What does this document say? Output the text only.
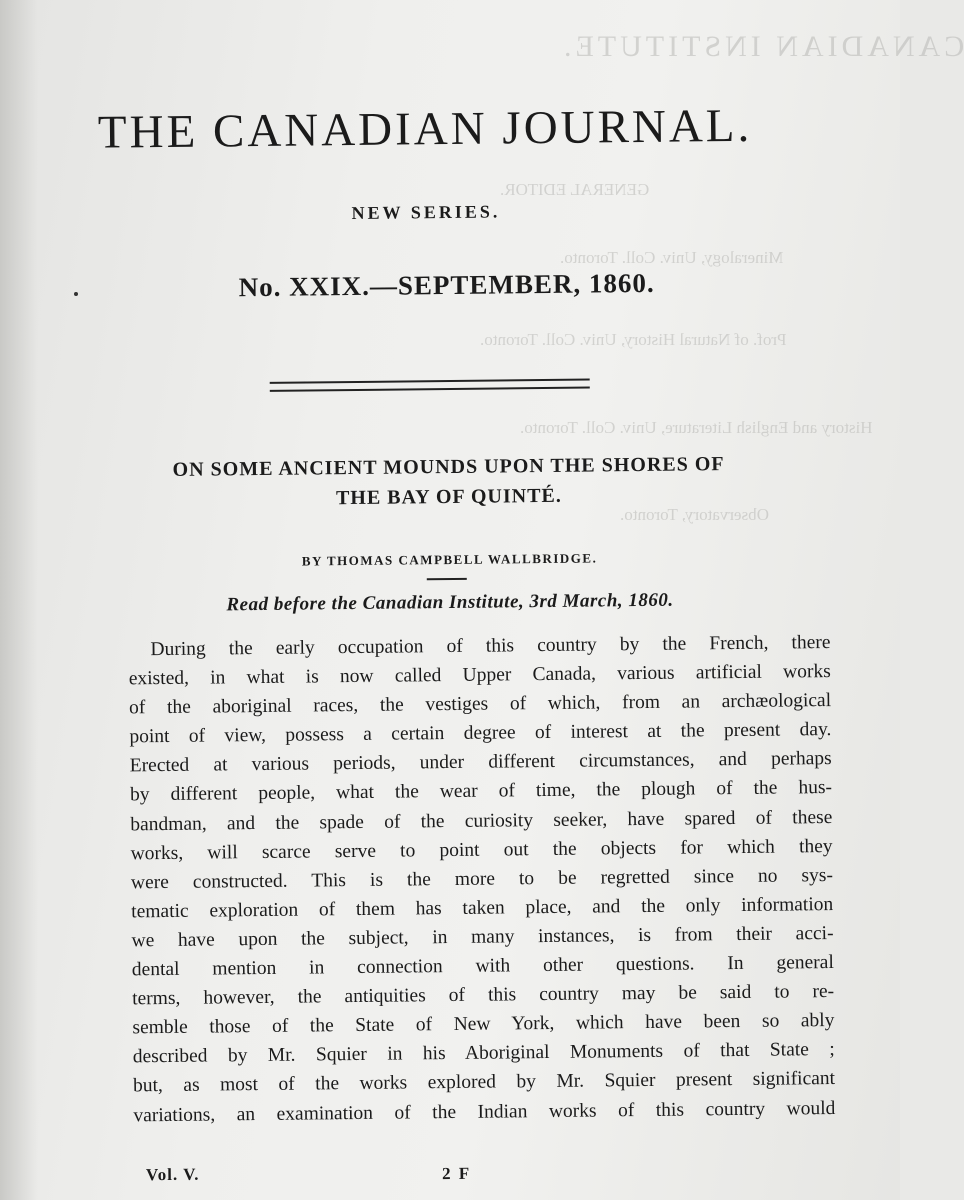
CANADIAN INSTITUTE.
GENERAL EDITOR.
Mineralogy, Univ. Coll. Toronto.
Prof. of Natural History, Univ. Coll. Toronto.
History and English Literature, Univ. Coll. Toronto.
Observatory, Toronto.
THE CANADIAN JOURNAL.
NEW SERIES.
No. XXIX.—SEPTEMBER, 1860.
ON SOME ANCIENT MOUNDS UPON THE SHORES OF
THE BAY OF QUINTÉ.
BY THOMAS CAMPBELL WALLBRIDGE.
Read before the Canadian Institute, 3rd March, 1860.
During the early occupation of this country by the French, there
existed, in what is now called Upper Canada, various artificial works
of the aboriginal races, the vestiges of which, from an archæological
point of view, possess a certain degree of interest at the present day.
Erected at various periods, under different circumstances, and perhaps
by different people, what the wear of time, the plough of the hus-
bandman, and the spade of the curiosity seeker, have spared of these
works, will scarce serve to point out the objects for which they
were constructed. This is the more to be regretted since no sys-
tematic exploration of them has taken place, and the only information
we have upon the subject, in many instances, is from their acci-
dental mention in connection with other questions. In general
terms, however, the antiquities of this country may be said to re-
semble those of the State of New York, which have been so ably
described by Mr. Squier in his Aboriginal Monuments of that State ;
but, as most of the works explored by Mr. Squier present significant
variations, an examination of the Indian works of this country would
Vol. V.	2 F
